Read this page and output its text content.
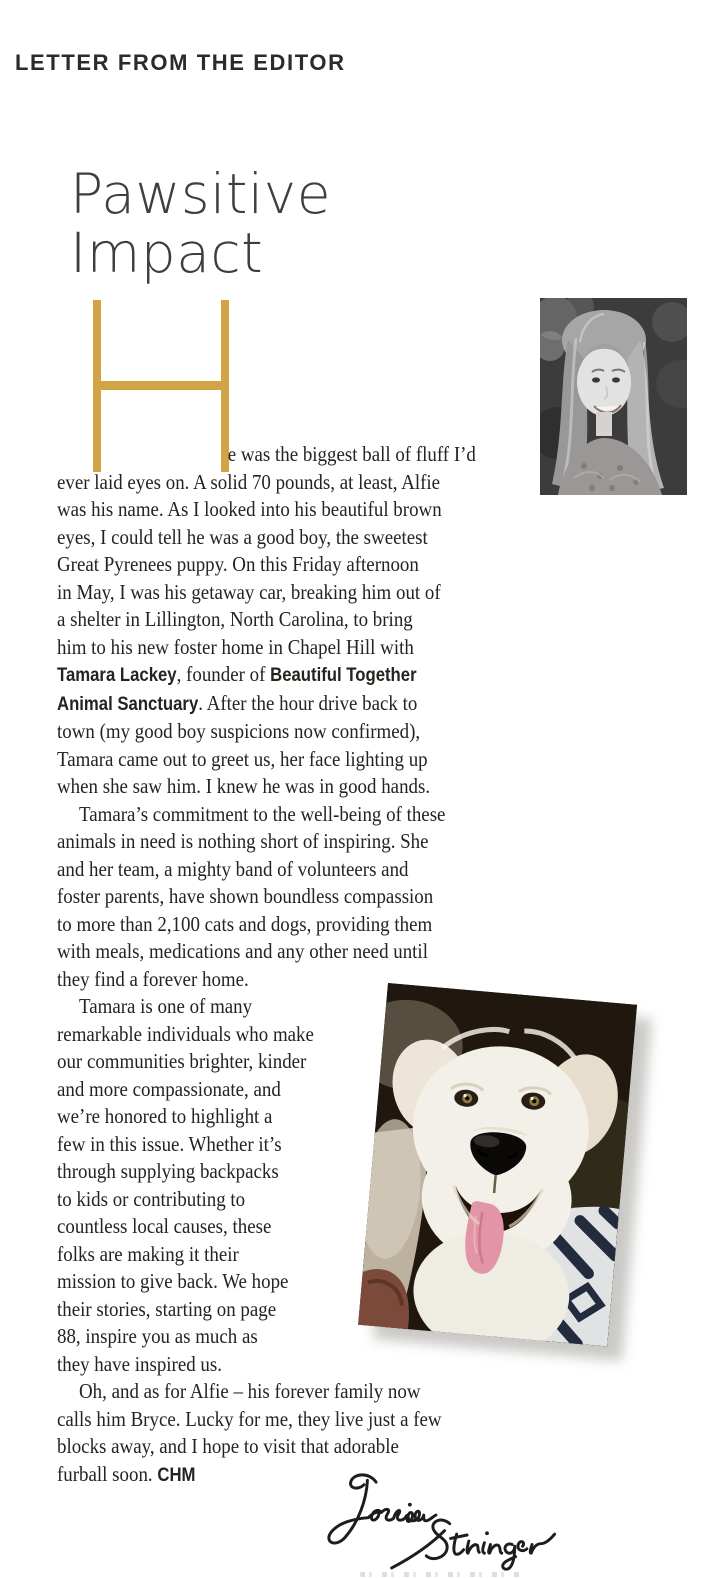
LETTER FROM THE EDITOR
Pawsitive
Impact

e was the biggest ball of fluff I’d
ever laid eyes on. A solid 70 pounds, at least, Alfie
was his name. As I looked into his beautiful brown
eyes, I could tell he was a good boy, the sweetest
Great Pyrenees puppy. On this Friday afternoon
in May, I was his getaway car, breaking him out of
a shelter in Lillington, North Carolina, to bring
him to his new foster home in Chapel Hill with
Tamara Lackey, founder of Beautiful Together
Animal Sanctuary. After the hour drive back to
town (my good boy suspicions now confirmed),
Tamara came out to greet us, her face lighting up
when she saw him. I knew he was in good hands.

Tamara’s commitment to the well-being of these
animals in need is nothing short of inspiring. She
and her team, a mighty band of volunteers and
foster parents, have shown boundless compassion
to more than 2,100 cats and dogs, providing them
with meals, medications and any other need until
they find a forever home.

Tamara is one of many
remarkable individuals who make
our communities brighter, kinder
and more compassionate, and
we’re honored to highlight a
few in this issue. Whether it’s
through supplying backpacks
to kids or contributing to
countless local causes, these
folks are making it their
mission to give back. We hope
their stories, starting on page
88, inspire you as much as
they have inspired us.

Oh, and as for Alfie – his forever family now
calls him Bryce. Lucky for me, they live just a few
blocks away, and I hope to visit that adorable
furball soon. CHM
